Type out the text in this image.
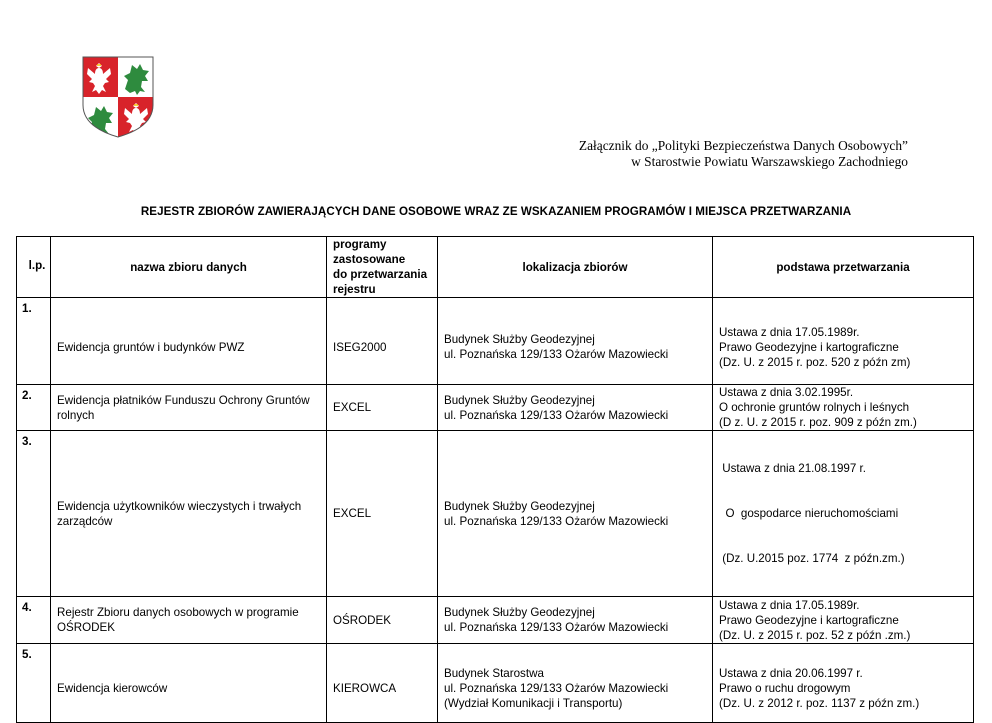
Załącznik do „Polityki Bezpieczeństwa Danych Osobowych”
w Starostwie Powiatu Warszawskiego Zachodniego
REJESTR ZBIORÓW ZAWIERAJĄCYCH DANE OSOBOWE WRAZ ZE WSKAZANIEM PROGRAMÓW I MIEJSCA PRZETWARZANIA
l.p.	nazwa zbioru danych	programy
zastosowane
do przetwarzania
rejestru	lokalizacja zbiorów	podstawa przetwarzania

1.	Ewidencja gruntów i budynków PWZ	ISEG2000	Budynek Służby Geodezyjnej
ul. Poznańska 129/133 Ożarów Mazowiecki	Ustawa z dnia 17.05.1989r.
Prawo Geodezyjne i kartograficzne
(Dz. U. z 2015 r. poz. 520 z późn zm)

2.	Ewidencja płatników Funduszu Ochrony Gruntów
rolnych	EXCEL	Budynek Służby Geodezyjnej
ul. Poznańska 129/133 Ożarów Mazowiecki	Ustawa z dnia 3.02.1995r.
O ochronie gruntów rolnych i leśnych
(D z. U. z 2015 r. poz. 909 z późn zm.)

3.	Ewidencja użytkowników wieczystych i trwałych
zarządców	EXCEL	Budynek Służby Geodezyjnej
ul. Poznańska 129/133 Ożarów Mazowiecki	Ustawa z dnia 21.08.1997 r.

O  gospodarce nieruchomościami

(Dz. U.2015 poz. 1774  z późn.zm.)

4.	Rejestr Zbioru danych osobowych w programie
OŚRODEK	OŚRODEK	Budynek Służby Geodezyjnej
ul. Poznańska 129/133 Ożarów Mazowiecki	Ustawa z dnia 17.05.1989r.
Prawo Geodezyjne i kartograficzne
(Dz. U. z 2015 r. poz. 52 z późn .zm.)

5.	Ewidencja kierowców	KIEROWCA	Budynek Starostwa
ul. Poznańska 129/133 Ożarów Mazowiecki
(Wydział Komunikacji i Transportu)	Ustawa z dnia 20.06.1997 r.
Prawo o ruchu drogowym
(Dz. U. z 2012 r. poz. 1137 z późn zm.)
